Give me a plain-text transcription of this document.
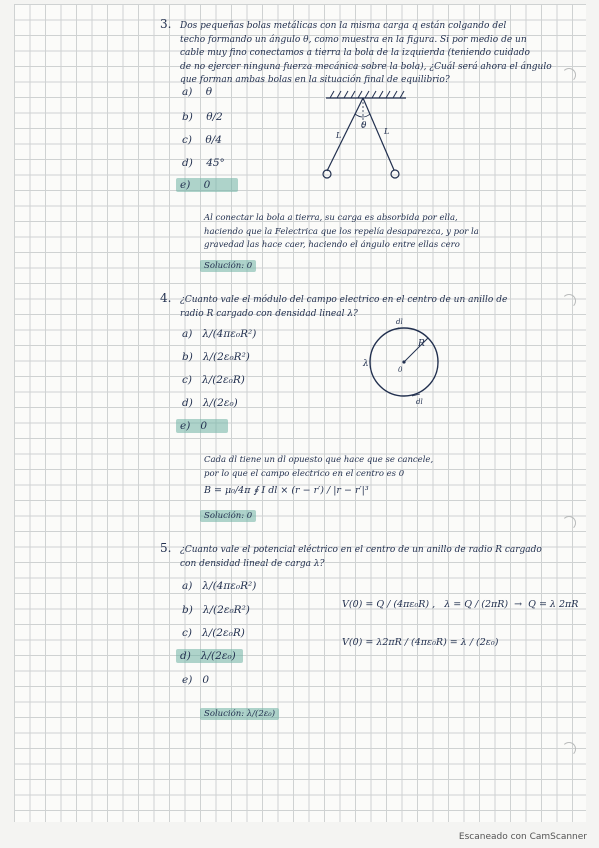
3. Dos pequeñas bolas metálicas con la misma carga q están colgando del
techo formando un ángulo θ, como muestra en la figura. Si por medio de un
cable muy fino conectamos a tierra la bola de la izquierda (teniendo cuidado
de no ejercer ninguna fuerza mecánica sobre la bola), ¿Cuál será ahora el ángulo
que forman ambas bolas en la situación final de equilibrio?
a) θ
b) θ/2
c) θ/4
d) 45°
e) 0
θ
L	L
Al conectar la bola a tierra, su carga es absorbida por ella,
haciendo que la Felectrica que los repelía desaparezca, y por la
gravedad las hace caer, haciendo el ángulo entre ellas cero
Solución: 0
4. ¿Cuanto vale el módulo del campo electrico en el centro de un anillo de
radio R cargado con densidad lineal λ?
a) λ/(4πε₀R²)
b) λ/(2ε₀R²)
c) λ/(2ε₀R)
d) λ/(2ε₀)
e) 0
dl
R
0
λ
dl
Cada dl tiene un dl opuesto que hace que se cancele,
por lo que el campo electrico en el centro es 0
B = μ₀/4π ∮ I dl × (r − r′) / |r − r′|³
Solución: 0
5. ¿Cuanto vale el potencial eléctrico en el centro de un anillo de radio R cargado
con densidad lineal de carga λ?
a) λ/(4πε₀R²)
b) λ/(2ε₀R²)
c) λ/(2ε₀R)
d) λ/(2ε₀)
e) 0
V(0) = Q / (4πε₀R) ,   λ = Q / (2πR)  →  Q = λ 2πR
V(0) = λ2πR / (4πε₀R) = λ / (2ε₀)
Solución: λ/(2ε₀)
Escaneado con CamScanner
